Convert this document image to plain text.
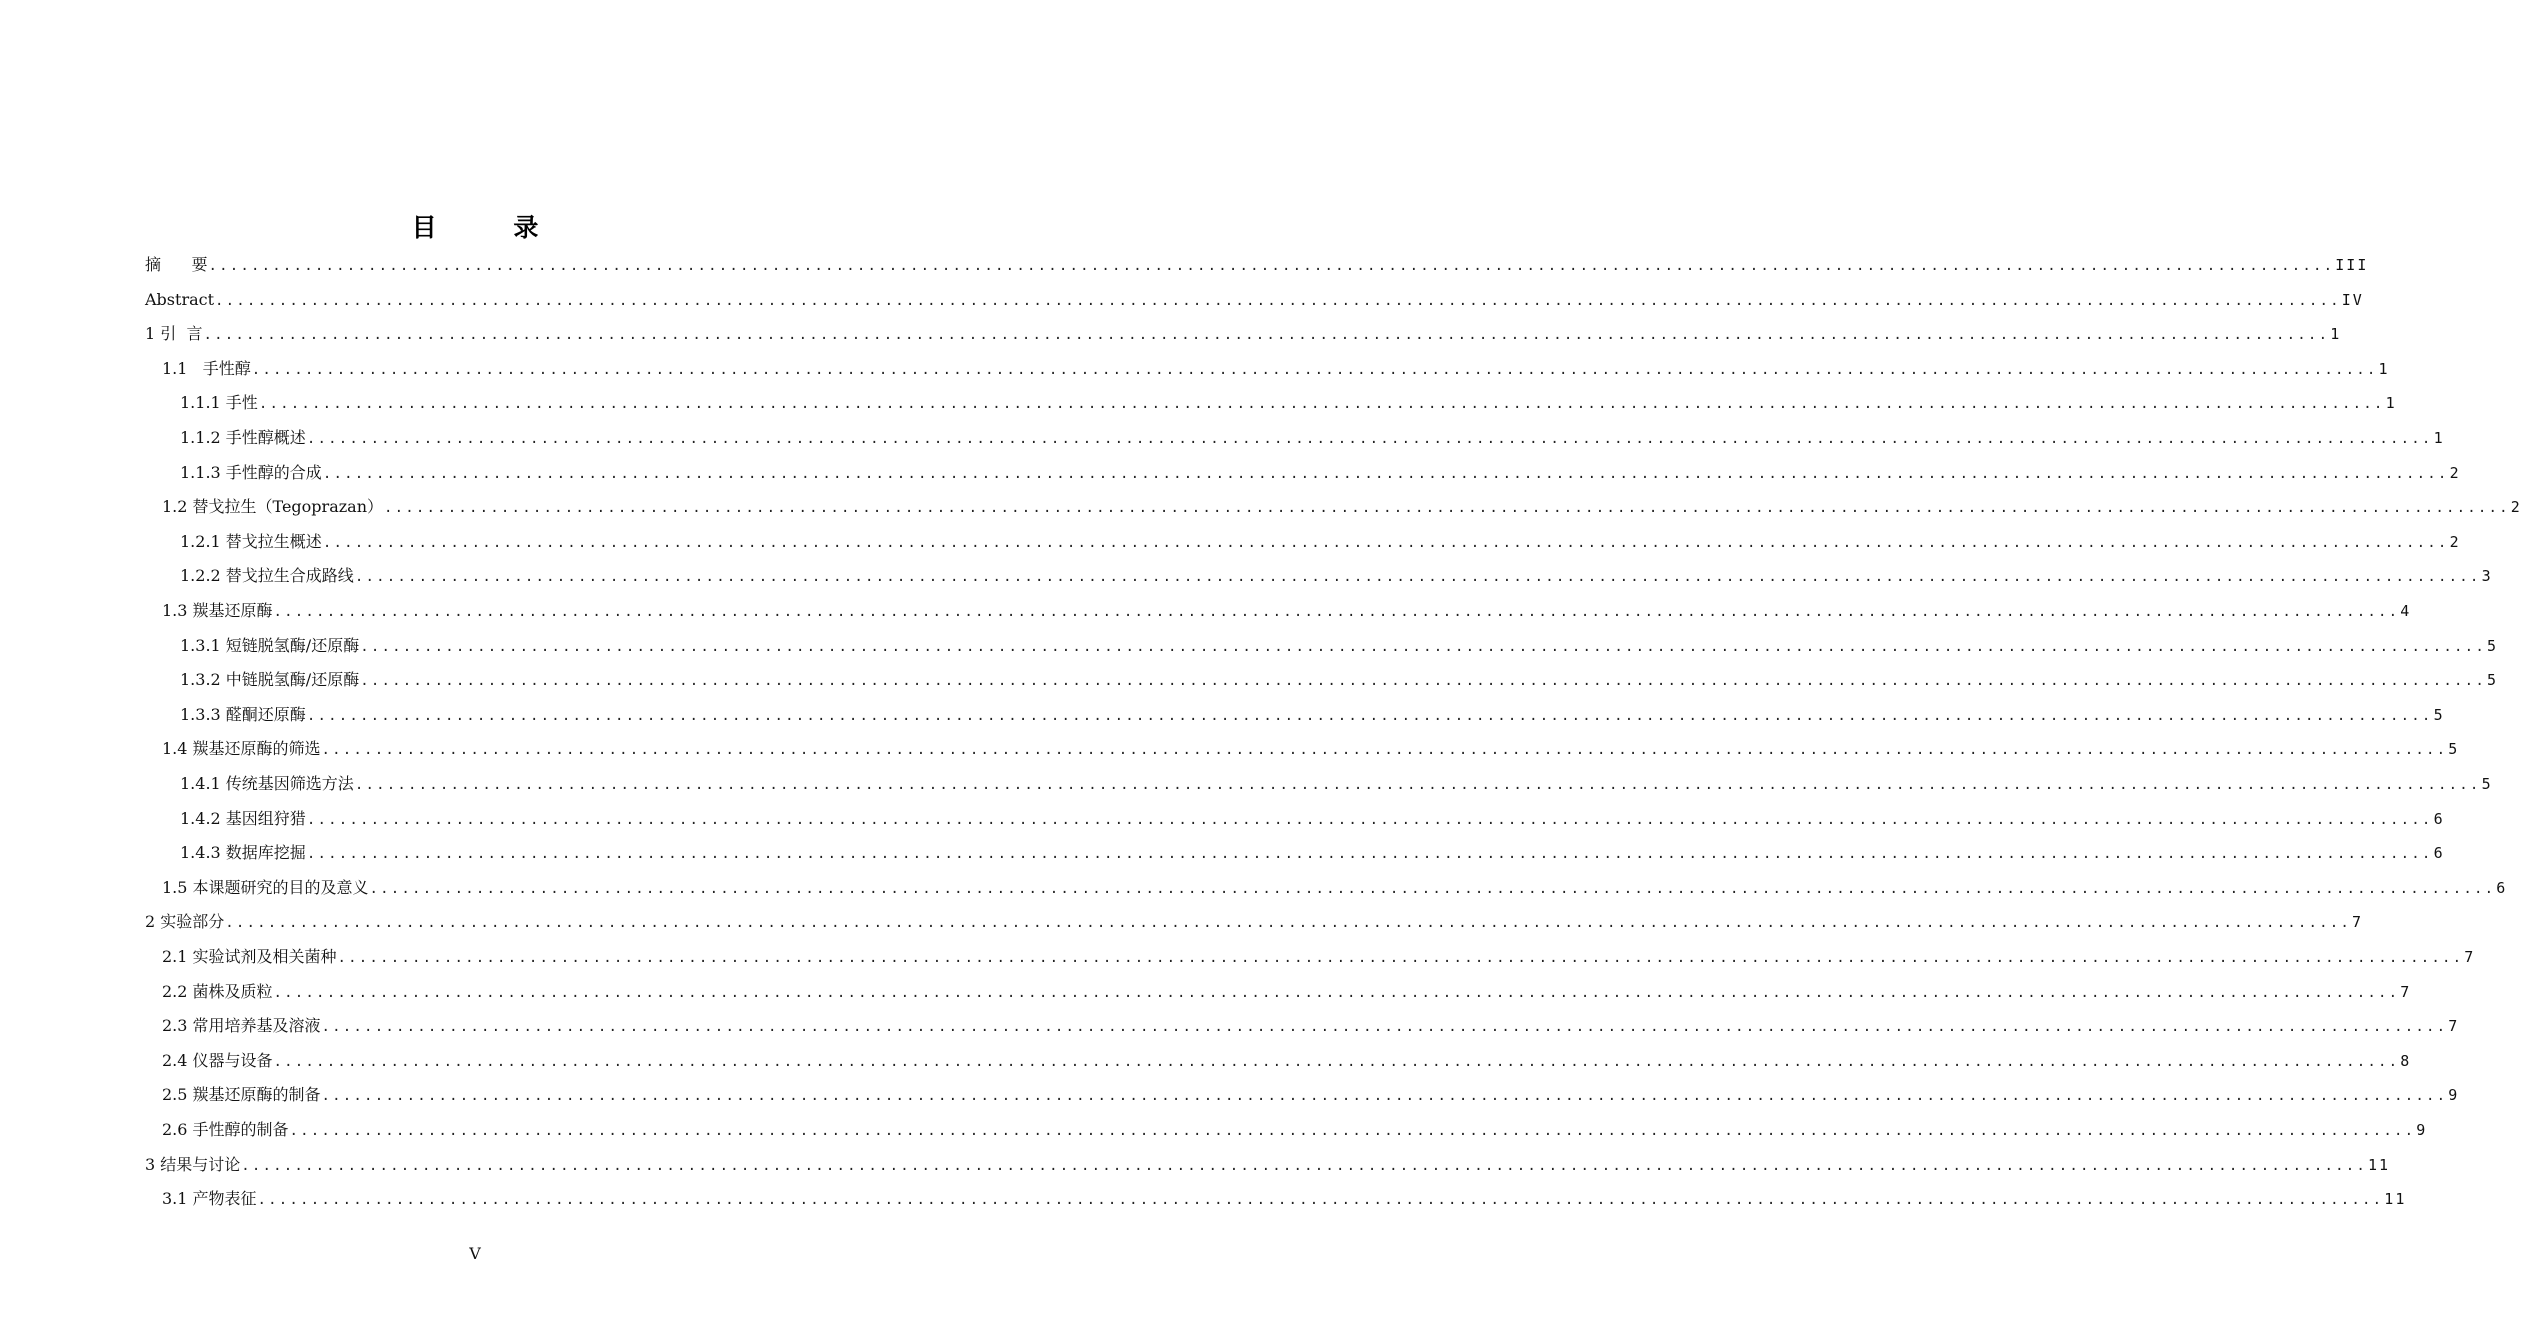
目 录
摘      要 ........................................................................................................................................................................................................ III
Abstract ........................................................................................................................................................................................................ IV
1 引  言 ........................................................................................................................................................................................................ 1
1.1   手性醇 ........................................................................................................................................................................................................ 1
1.1.1 手性 ........................................................................................................................................................................................................ 1
1.1.2 手性醇概述 ........................................................................................................................................................................................................ 1
1.1.3 手性醇的合成 ........................................................................................................................................................................................................ 2
1.2 替戈拉生（Tegoprazan） ........................................................................................................................................................................................................ 2
1.2.1 替戈拉生概述 ........................................................................................................................................................................................................ 2
1.2.2 替戈拉生合成路线 ........................................................................................................................................................................................................ 3
1.3 羰基还原酶 ........................................................................................................................................................................................................ 4
1.3.1 短链脱氢酶/还原酶 ........................................................................................................................................................................................................ 5
1.3.2 中链脱氢酶/还原酶 ........................................................................................................................................................................................................ 5
1.3.3 醛酮还原酶 ........................................................................................................................................................................................................ 5
1.4 羰基还原酶的筛选 ........................................................................................................................................................................................................ 5
1.4.1 传统基因筛选方法 ........................................................................................................................................................................................................ 5
1.4.2 基因组狩猎 ........................................................................................................................................................................................................ 6
1.4.3 数据库挖掘 ........................................................................................................................................................................................................ 6
1.5 本课题研究的目的及意义 ........................................................................................................................................................................................................ 6
2 实验部分 ........................................................................................................................................................................................................ 7
2.1 实验试剂及相关菌种 ........................................................................................................................................................................................................ 7
2.2 菌株及质粒 ........................................................................................................................................................................................................ 7
2.3 常用培养基及溶液 ........................................................................................................................................................................................................ 7
2.4 仪器与设备 ........................................................................................................................................................................................................ 8
2.5 羰基还原酶的制备 ........................................................................................................................................................................................................ 9
2.6 手性醇的制备 ........................................................................................................................................................................................................ 9
3 结果与讨论 ........................................................................................................................................................................................................ 11
3.1 产物表征 ........................................................................................................................................................................................................ 11
V
